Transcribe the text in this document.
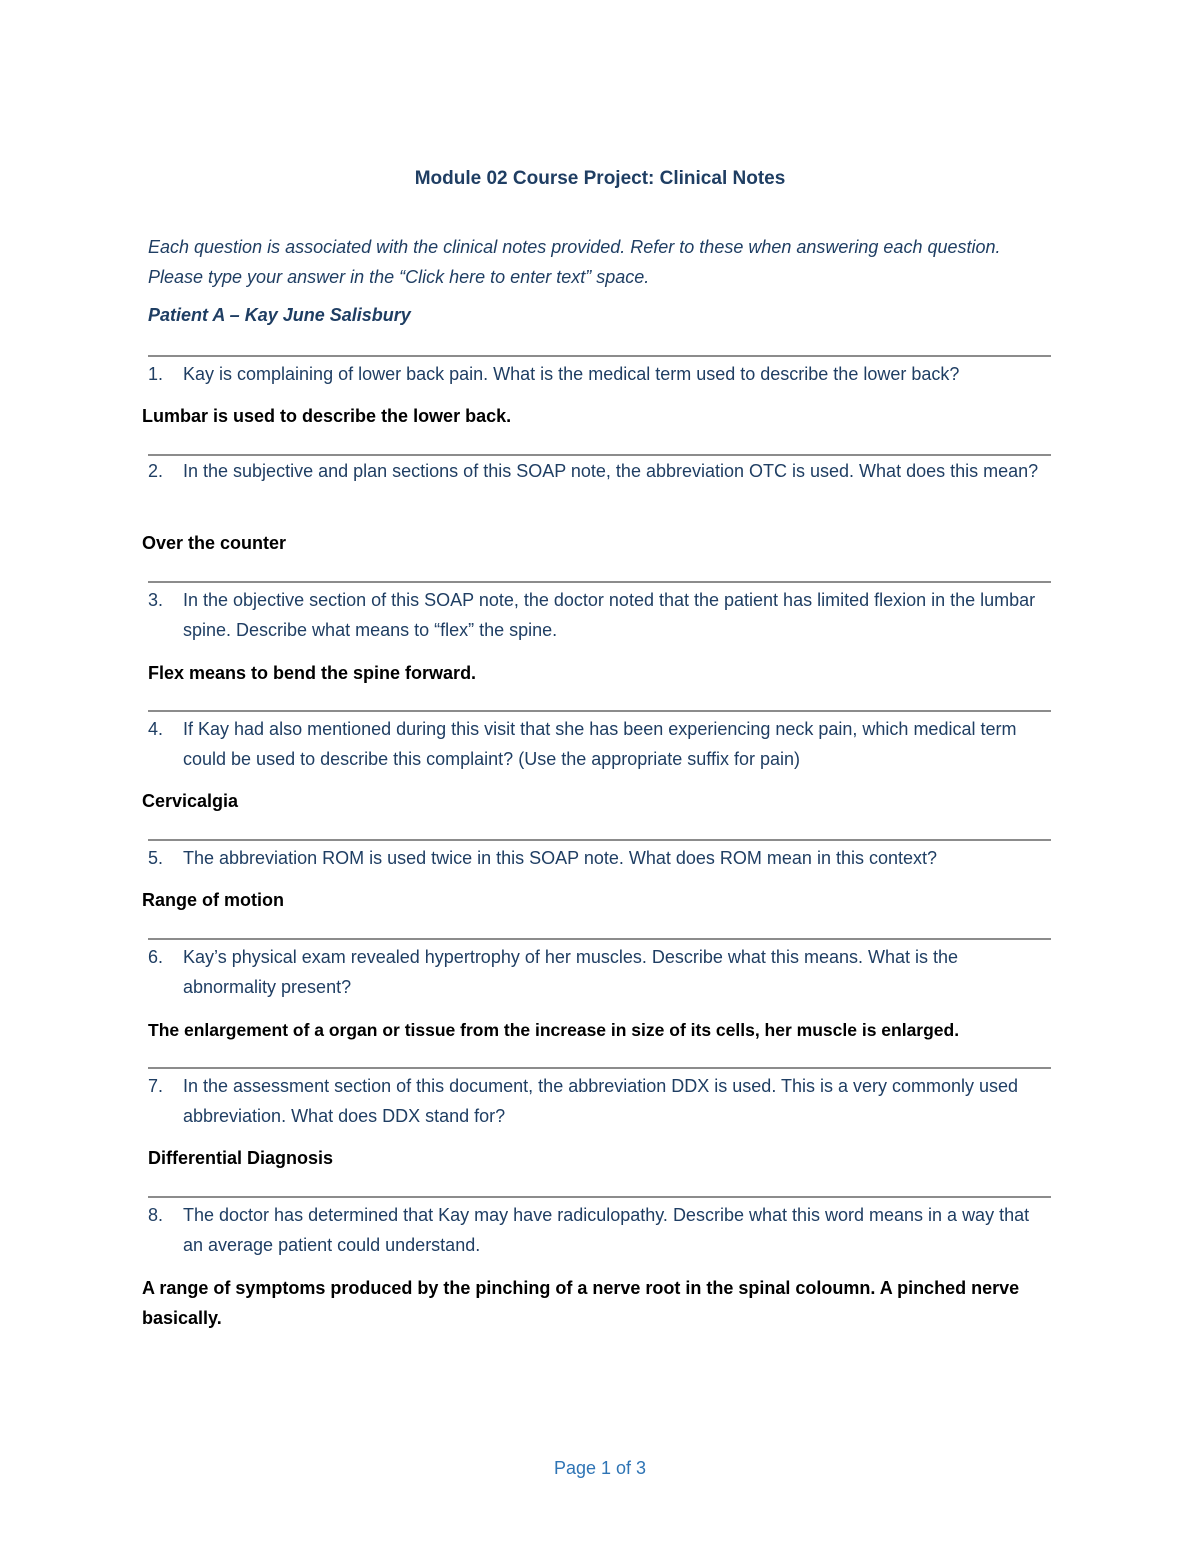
Module 02 Course Project: Clinical Notes
Each question is associated with the clinical notes provided. Refer to these when answering each question. Please type your answer in the “Click here to enter text” space.
Patient A – Kay June Salisbury
1.	Kay is complaining of lower back pain. What is the medical term used to describe the lower back?
Lumbar is used to describe the lower back.
2.	In the subjective and plan sections of this SOAP note, the abbreviation OTC is used. What does this mean?
Over the counter
3.	In the objective section of this SOAP note, the doctor noted that the patient has limited flexion in the lumbar spine. Describe what means to “flex” the spine.
Flex means to bend the spine forward.
4.	If Kay had also mentioned during this visit that she has been experiencing neck pain, which medical term could be used to describe this complaint? (Use the appropriate suffix for pain)
Cervicalgia
5.	The abbreviation ROM is used twice in this SOAP note. What does ROM mean in this context?
Range of motion
6.	Kay’s physical exam revealed hypertrophy of her muscles. Describe what this means. What is the abnormality present?
The enlargement of a organ or tissue from the increase in size of its cells, her muscle is enlarged.
7.	In the assessment section of this document, the abbreviation DDX is used. This is a very commonly used abbreviation. What does DDX stand for?
Differential Diagnosis
8.	The doctor has determined that Kay may have radiculopathy. Describe what this word means in a way that an average patient could understand.
A range of symptoms produced by the pinching of a nerve root in the spinal coloumn. A pinched nerve basically.
Page 1 of 3
